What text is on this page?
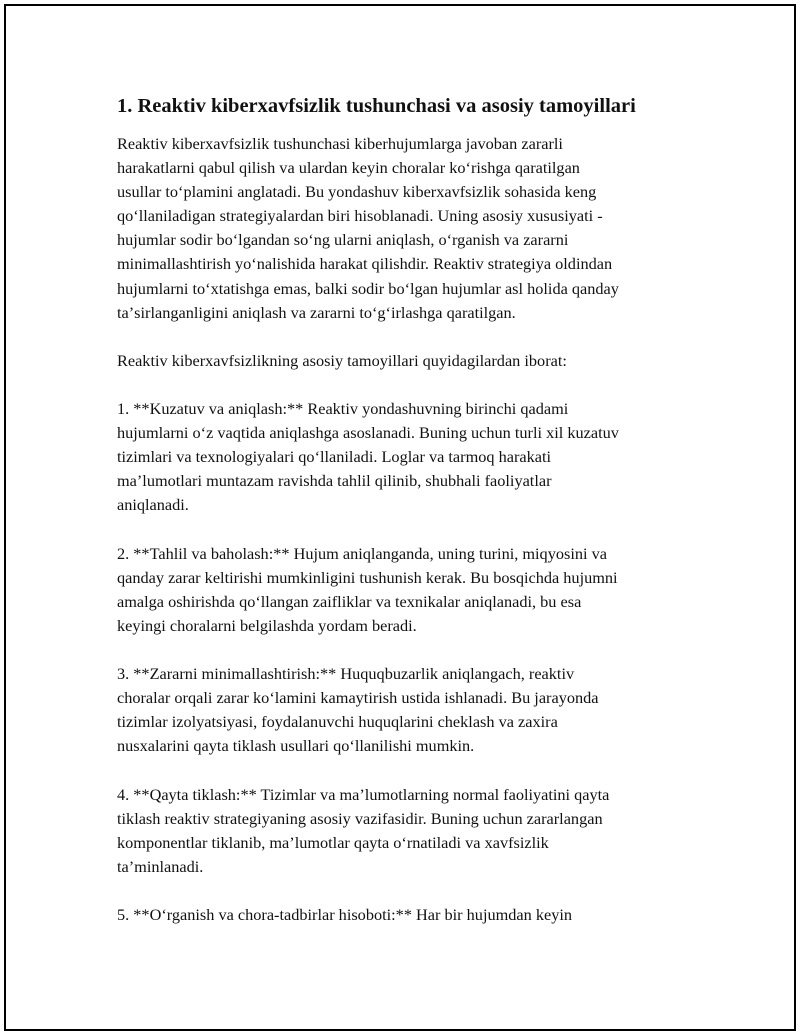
1. Reaktiv kiberxavfsizlik tushunchasi va asosiy tamoyillari
Reaktiv kiberxavfsizlik tushunchasi kiberhujumlarga javoban zararli
harakatlarni qabul qilish va ulardan keyin choralar koʻrishga qaratilgan
usullar toʻplamini anglatadi. Bu yondashuv kiberxavfsizlik sohasida keng
qoʻllaniladigan strategiyalardan biri hisoblanadi. Uning asosiy xususiyati -
hujumlar sodir boʻlgandan soʻng ularni aniqlash, oʻrganish va zararni
minimallashtirish yoʻnalishida harakat qilishdir. Reaktiv strategiya oldindan
hujumlarni toʻxtatishga emas, balki sodir boʻlgan hujumlar asl holida qanday
taʼsirlanganligini aniqlash va zararni toʻgʻirlashga qaratilgan.
Reaktiv kiberxavfsizlikning asosiy tamoyillari quyidagilardan iborat:
1. **Kuzatuv va aniqlash:** Reaktiv yondashuvning birinchi qadami
hujumlarni oʻz vaqtida aniqlashga asoslanadi. Buning uchun turli xil kuzatuv
tizimlari va texnologiyalari qoʻllaniladi. Loglar va tarmoq harakati
maʼlumotlari muntazam ravishda tahlil qilinib, shubhali faoliyatlar
aniqlanadi.
2. **Tahlil va baholash:** Hujum aniqlanganda, uning turini, miqyosini va
qanday zarar keltirishi mumkinligini tushunish kerak. Bu bosqichda hujumni
amalga oshirishda qoʻllangan zaifliklar va texnikalar aniqlanadi, bu esa
keyingi choralarni belgilashda yordam beradi.
3. **Zararni minimallashtirish:** Huquqbuzarlik aniqlangach, reaktiv
choralar orqali zarar koʻlamini kamaytirish ustida ishlanadi. Bu jarayonda
tizimlar izolyatsiyasi, foydalanuvchi huquqlarini cheklash va zaxira
nusxalarini qayta tiklash usullari qoʻllanilishi mumkin.
4. **Qayta tiklash:** Tizimlar va maʼlumotlarning normal faoliyatini qayta
tiklash reaktiv strategiyaning asosiy vazifasidir. Buning uchun zararlangan
komponentlar tiklanib, maʼlumotlar qayta oʻrnatiladi va xavfsizlik
taʼminlanadi.
5. **Oʻrganish va chora-tadbirlar hisoboti:** Har bir hujumdan keyin
